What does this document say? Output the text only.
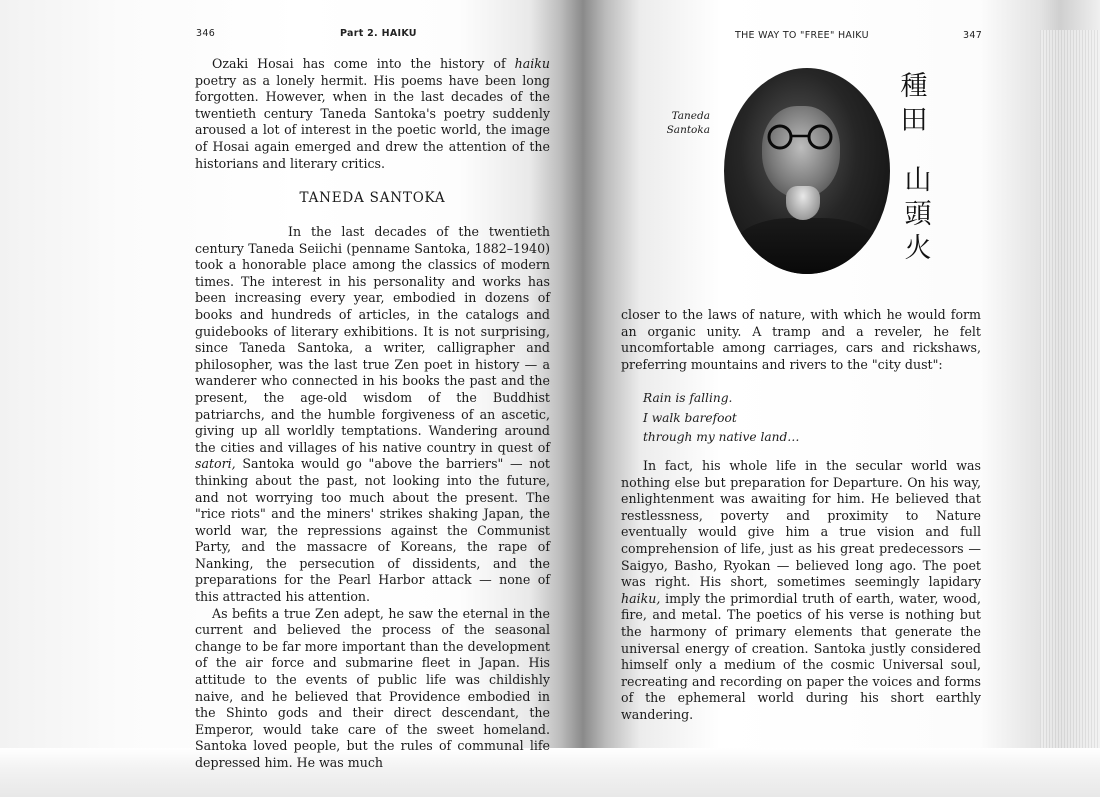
346	Part 2. HAIKU

Ozaki Hosai has come into the history of haiku poetry as a lonely hermit. His poems have been long forgotten. However, when in the last decades of the twentieth century Taneda Santoka's poetry suddenly aroused a lot of interest in the poetic world, the image of Hosai again emerged and drew the attention of the historians and literary critics.

TANEDA SANTOKA

In the last decades of the twentieth century Taneda Seiichi (penname Santoka, 1882–1940) took a honorable place among the classics of modern times. The interest in his personality and works has been increasing every year, embodied in dozens of books and hundreds of articles, in the catalogs and guidebooks of literary exhibitions. It is not surprising, since Taneda Santoka, a writer, calligrapher and philosopher, was the last true Zen poet in history — a wanderer who connected in his books the past and the present, the age-old wisdom of the Buddhist patriarchs, and the humble forgiveness of an ascetic, giving up all worldly temptations. Wandering around the cities and villages of his native country in quest of satori, Santoka would go "above the barriers" — not thinking about the past, not looking into the future, and not worrying too much about the present. The "rice riots" and the miners' strikes shaking Japan, the world war, the repressions against the Communist Party, and the massacre of Koreans, the rape of Nanking, the persecution of dissidents, and the preparations for the Pearl Harbor attack — none of this attracted his attention.

As befits a true Zen adept, he saw the eternal in the current and believed the process of the seasonal change to be far more important than the development of the air force and submarine fleet in Japan. His attitude to the events of public life was childishly naive, and he believed that Providence embodied in the Shinto gods and their direct descendant, the Emperor, would take care of the sweet homeland. Santoka loved people, but the rules of communal life depressed him. He was much

THE WAY TO "FREE" HAIKU	347
Taneda
Santoka
種
田
山
頭
火

closer to the laws of nature, with which he would form an organic unity. A tramp and a reveler, he felt uncomfortable among carriages, cars and rickshaws, preferring mountains and rivers to the "city dust":

Rain is falling.
I walk barefoot
through my native land…

In fact, his whole life in the secular world was nothing else but preparation for Departure. On his way, enlightenment was awaiting for him. He believed that restlessness, poverty and proximity to Nature eventually would give him a true vision and full comprehension of life, just as his great predecessors — Saigyo, Basho, Ryokan — believed long ago. The poet was right. His short, sometimes seemingly lapidary haiku, imply the primordial truth of earth, water, wood, fire, and metal. The poetics of his verse is nothing but the harmony of primary elements that generate the universal energy of creation. Santoka justly considered himself only a medium of the cosmic Universal soul, recreating and recording on paper the voices and forms of the ephemeral world during his short earthly wandering.
